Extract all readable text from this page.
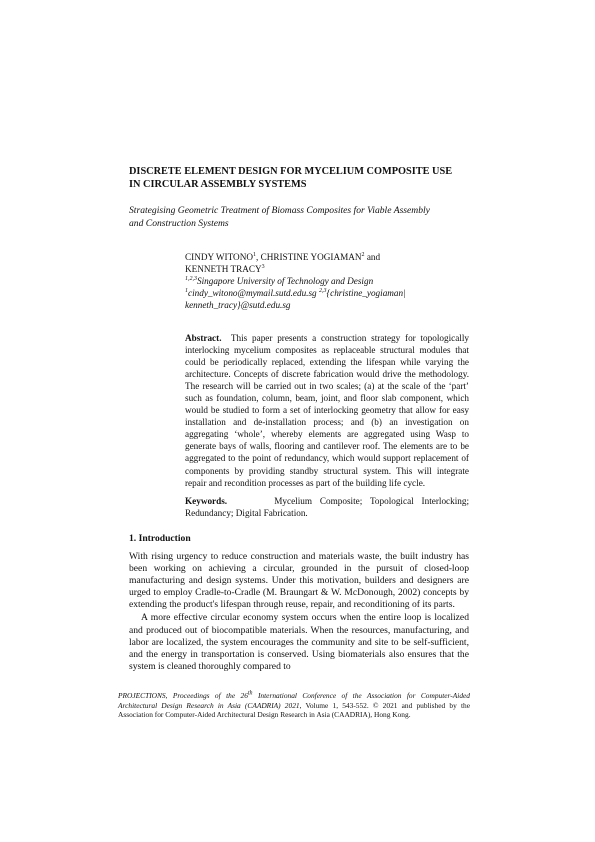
DISCRETE ELEMENT DESIGN FOR MYCELIUM COMPOSITE USE
IN CIRCULAR ASSEMBLY SYSTEMS
Strategising Geometric Treatment of Biomass Composites for Viable Assembly
and Construction Systems
CINDY WITONO$^1$, CHRISTINE YOGIAMAN$^2$ and
KENNETH TRACY$^3$
$^{1,2,3}$Singapore University of Technology and Design
$^1$cindy_witono@mymail.sutd.edu.sg $^{2,3}${christine_yogiaman|
kenneth_tracy}@sutd.edu.sg
Abstract. This paper presents a construction strategy for topologically interlocking mycelium composites as replaceable structural modules that could be periodically replaced, extending the lifespan while varying the architecture. Concepts of discrete fabrication would drive the methodology. The research will be carried out in two scales; (a) at the scale of the ‘part’ such as foundation, column, beam, joint, and floor slab component, which would be studied to form a set of interlocking geometry that allow for easy installation and de-installation process; and (b) an investigation on aggregating ‘whole’, whereby elements are aggregated using Wasp to generate bays of walls, flooring and cantilever roof. The elements are to be aggregated to the point of redundancy, which would support replacement of components by providing standby structural system. This will integrate repair and recondition processes as part of the building life cycle.
Keywords.	Mycelium Composite; Topological Interlocking; Redundancy; Digital Fabrication.
1. Introduction

With rising urgency to reduce construction and materials waste, the built industry has been working on achieving a circular, grounded in the pursuit of closed-loop manufacturing and design systems. Under this motivation, builders and designers are urged to employ Cradle-to-Cradle (M. Braungart & W. McDonough, 2002) concepts by extending the product's lifespan through reuse, repair, and reconditioning of its parts.

A more effective circular economy system occurs when the entire loop is localized and produced out of biocompatible materials. When the resources, manufacturing, and labor are localized, the system encourages the community and site to be self-sufficient, and the energy in transportation is conserved. Using biomaterials also ensures that the system is cleaned thoroughly compared to

PROJECTIONS, Proceedings of the 26th International Conference of the Association for Computer-Aided Architectural Design Research in Asia (CAADRIA) 2021, Volume 1, 543-552. © 2021 and published by the Association for Computer-Aided Architectural Design Research in Asia (CAADRIA), Hong Kong.
